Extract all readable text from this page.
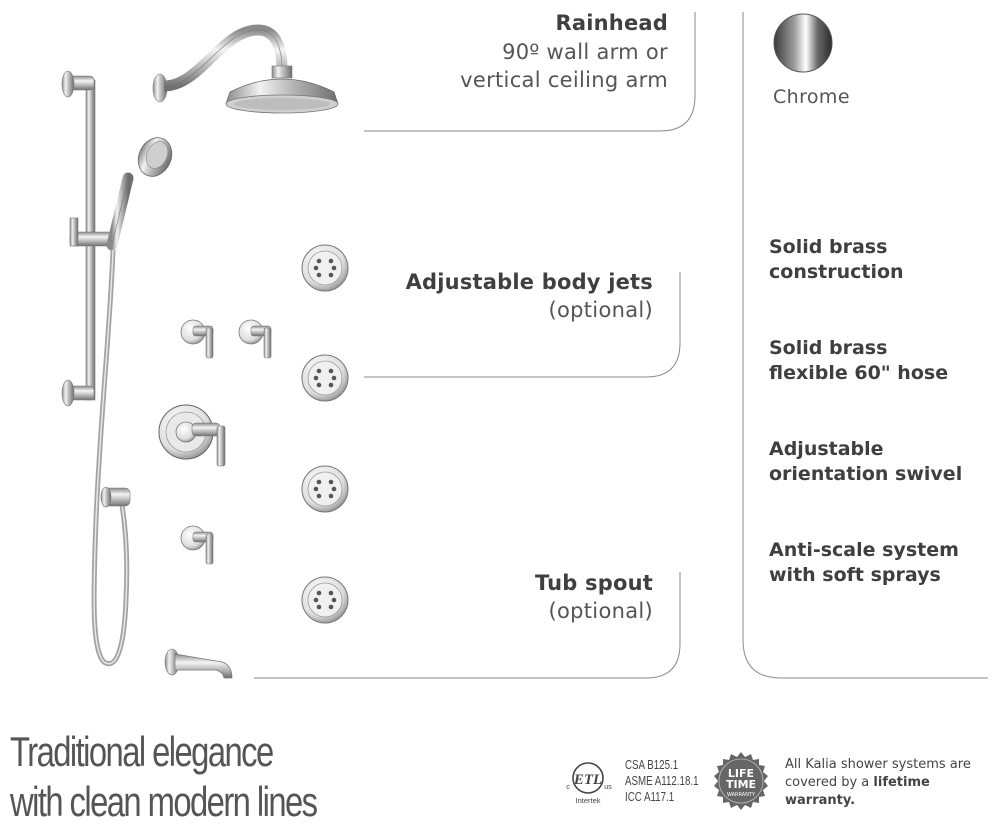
Rainhead
90º wall arm or
vertical ceiling arm
Adjustable body jets
(optional)
Tub spout
(optional)
Chrome
Solid brass
construction
Solid brass
flexible 60" hose
Adjustable
orientation swivel
Anti-scale system
with soft sprays
Traditional elegance
with clean modern lines	ETL
c	us
Intertek
CSA B125.1
ASME A112.18.1
ICC A117.1
LIFE
TIME
WARRANTY
All Kalia shower systems are covered by a lifetime warranty.
